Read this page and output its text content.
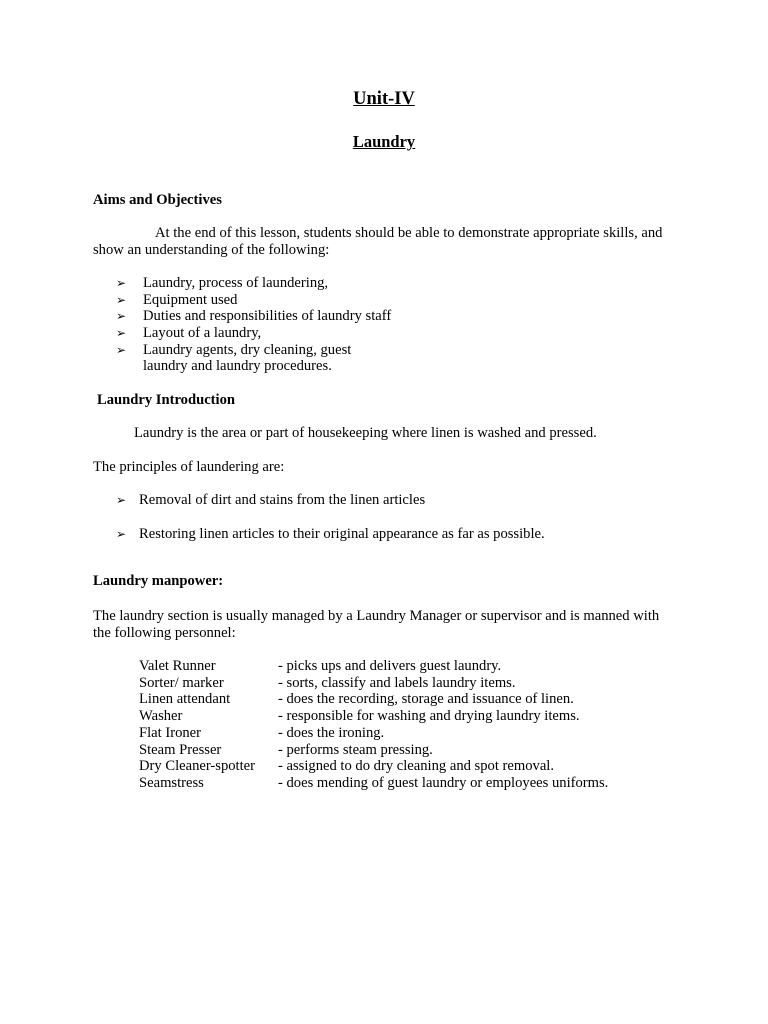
Unit-IV
Laundry
Aims and Objectives
At the end of this lesson, students should be able to demonstrate appropriate skills, and show an understanding of the following:
➢ Laundry, process of laundering,
➢ Equipment used
➢ Duties and responsibilities of laundry staff
➢ Layout of a laundry,
➢ Laundry agents, dry cleaning, guest
laundry and laundry procedures.
Laundry Introduction
Laundry is the area or part of housekeeping where linen is washed and pressed.
The principles of laundering are:
➢ Removal of dirt and stains from the linen articles
➢ Restoring linen articles to their original appearance as far as possible.
Laundry manpower:
The laundry section is usually managed by a Laundry Manager or supervisor and is manned with the following personnel:
Valet Runner	- picks ups and delivers guest laundry.
Sorter/ marker	- sorts, classify and labels laundry items.
Linen attendant	- does the recording, storage and issuance of linen.
Washer	- responsible for washing and drying laundry items.
Flat Ironer	- does the ironing.
Steam Presser	- performs steam pressing.
Dry Cleaner-spotter	- assigned to do dry cleaning and spot removal.
Seamstress	- does mending of guest laundry or employees uniforms.
